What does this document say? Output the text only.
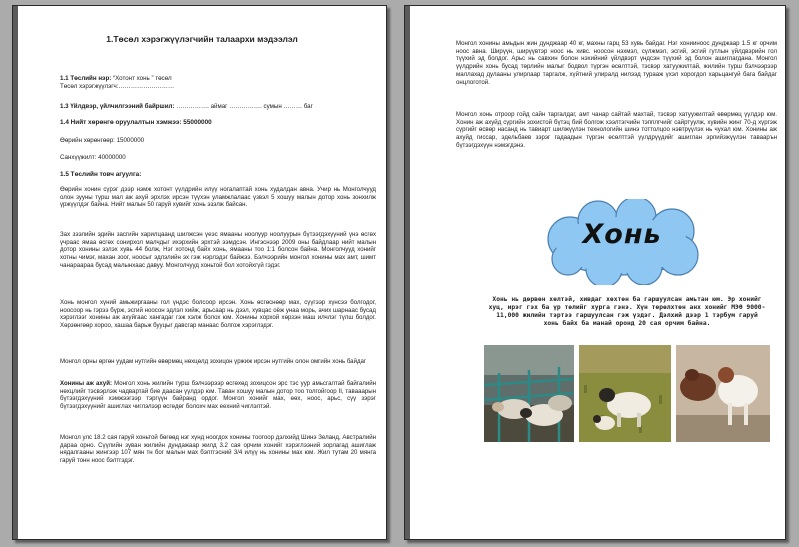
1.Төсөл хэрэгжүүлэгчийн талаархи мэдээлэл
1.1 Төслийн нэр: “Хотонт хонь ” төсөл
Төсөл хэрэгжүүлэгч:………………………
1.3 Үйлдвэр, үйлчилгээний байршил: ……………. аймаг ……………. сумын ……… баг
1.4 Нийт хөрөнгө оруулалтын хэмжээ: 55000000
Өөрийн хөрөнгөөр: 15000000
Санхүүжилт: 40000000
1.5 Төслийн товч агуулга:
Өөрийн хонин сүрэг дээр нэмж хотонт үүлдрийн илүү ногалаптай хонь худалдан авна. Учир нь Монголчууд олон зууны турш мал аж ахуй эрхлэх ирсэн түүхэн уламжлалаас үзвэл 5 хошуу малын дотор хонь зонхилж үржүүлдэг байна. Нийт малын 50 гаруй хувийг хонь эзэлж байсан.
Зах зээлийн эдийн засгийн харилцаанд шилжсэн үеэс ямааны ноолуур ноолуурын бүтээгдэхүүний үнэ өсгөх үчраас ямаа өсгөх сонирхол малчдыг ихэрхийн эрхтэй ээмдсэн. Ингэснээр 2009 оны байдлаар нийт малын дотор хонины эзлэх хувь 44 болж, Нэг хотонд байх хонь, ямааны тоо 1:1 болсон байна. Монголчууд хонийг хотны чимэг, махан зоог, ноосыг эдлэлийн эх гэж нэрлэдэг байжээ. Бэлчээрийн монгол хонины мах амт, шимт чанараараа бусад малынхаас давуу. Монголчууд хоньтой бол хотойхгүй гэдэг.
Хонь монгол хүний амьжиргааны гол үндэс болсоор ирсэн. Хонь өсгөснөөр мах, сүүгээр хүнсээ болгодог, ноосоор нь гэрээ бүрж, эсгий ноосон эдлэл хийж, арьсаар нь дээл, хувцас оёж унаа морь, ачих шарнаас бусад хэрэглээг хонины аж ахуйгаас хангадаг гэж хэлж болох юм. Хонины хорхой хөрзэн маш илчлэг түлш болдог. Хөрзөнгөөр хороо, хашаа барьж бууцыг давсгар манаас болгож хэрэглэдэг.
Монгол орны өргөн уудам нутгийн өвөрмөц нөхцөлд зохицон үржиж ирсэн нутгийн олон омгийн хонь байдаг
Хонины аж ахуй: Монгол хонь жилийн турш бэлчээрээр өсгөхөд зохицсон эрс тэс уур амьсгалтай байгалийн нөхцлийг тэсвэрлэж чадвартай бие даасан үүлдэр юм. Таван хошуу малын дотор тоо толгойгоор II, тавааарын бүтээгдэхүүний хэмжээгээр тэргүүн байранд ордог. Монгол хонийг мах, өөх, ноос, арьс, сүү зэрэг бүтээгдэхүүнийг ашиглах чиглэлээр өсгөдөг болохч мах ееxний чиглэлтэй.
Монгол улс 18.2 сая гаруй хоньтой бөгөөд нэг хүнд ноогдох хонины тоогоор дэлхийд Шинэ Зеланд, Австралийн дараа орно. Сүүлийн зуван жилийн дундажаар жилд 3.2 сая орчим хонийг хэрэглээний зорлагад ашиглаж нядалгааны жингээр 107 мян тн бог малын мах бэлтгэсний 3/4 илүү нь хонины мах юм. Жил тутам 20 мянга гаруй тонн ноос бэлтгэдэг.
Монгол хонины амьдын жин дунджаар 40 кг, махны гарц 53 хувь байдаг. Нэг хонииноос дунджаар 1.5 кг орчим ноос авна. Ширүүн, ширүүвтэр ноос нь хивс. ноосон нэхмэл, сүлжмэл, эсгий, эсгий гутлын үйлдвэрийн гол түүхий эд болдог. Арьс нь савхин болон нэхийний үйлдвэрт үндсэн түүхий эд болон ашиглагдана. Монгол үүлдрийн хонь бусад төрлийн малыг бодвол түргэн өсөлттэй, тэсвэр хатуужилтай, жилийн турш бэлчээрээр маллахад дулааны улирлаар таргалж, хүйтний улиралд нилээд турааж үхэл хорогдол харьцангуй бага байдаг онцлоготой.
Монгол хонь отроор гойд сайн таргалдаг, амт чанар сайтай махтай, тэсвэр хатуужилтай өвөрмөц үүлдэр юм. Хонин аж ахуйд сүргийн зохистой бүтэц бий болгож хээлтэгчийн тэпплгчийг сайртуулж, хувийн жинг 70-д хүргэж сүргийг өсвөр насанд нь тавиарт шилжүүлэн технологийн шинэ тоттолцоо нэвтрүүлэх нь чухал юм. Хонины аж ахуйд гиссар, эдельбаев зэрэг гадаадын түргэн өсөлттэй үүлдрүүдийг ашиглан эрлийзжүүлэн таваарън бүтээгдэхүүн нэмэгдэнэ.
Хонь
Хонь нь дөрвөн хөлтэй, хивдаг хөхтөн ба гаршуулсан амьтан юм. Эр хонийг хуц, ирэг гэх ба үр төлийг хурга гэнэ. Хүн төрөлхтөн анх хонийг МЭӨ 9000-11,000 жилийн тэртээ гаршуулсан гэж үздэг. Дэлхий дээр 1 тэрбум гаруй хонь байх ба манай оронд 20 сая орчим байна.
